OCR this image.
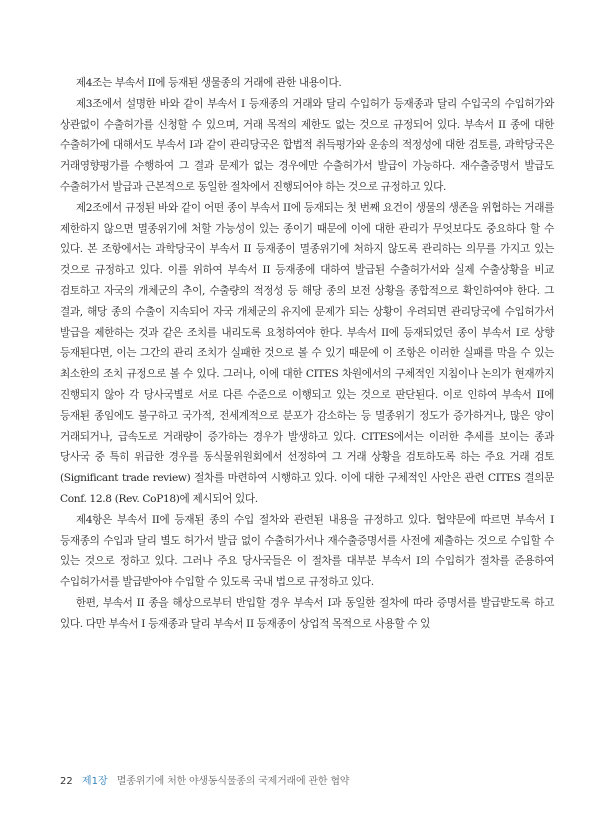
제4조는 부속서 II에 등재된 생물종의 거래에 관한 내용이다.

제3조에서 설명한 바와 같이 부속서 I 등재종의 거래와 달리 수입허가 등재종과 달리 수입국의 수입허가와 상관없이 수출허가를 신청할 수 있으며, 거래 목적의 제한도 없는 것으로 규정되어 있다. 부속서 II 종에 대한 수출허가에 대해서도 부속서 I과 같이 관리당국은 합법적 취득평가와 운송의 적정성에 대한 검토를, 과학당국은 거래영향평가를 수행하여 그 결과 문제가 없는 경우에만 수출허가서 발급이 가능하다. 재수출증명서 발급도 수출허가서 발급과 근본적으로 동일한 절차에서 진행되어야 하는 것으로 규정하고 있다.

제2조에서 규정된 바와 같이 어떤 종이 부속서 II에 등재되는 첫 번째 요건이 생물의 생존을 위협하는 거래를 제한하지 않으면 멸종위기에 처할 가능성이 있는 종이기 때문에 이에 대한 관리가 무엇보다도 중요하다 할 수 있다. 본 조항에서는 과학당국이 부속서 II 등재종이 멸종위기에 처하지 않도록 관리하는 의무를 가지고 있는 것으로 규정하고 있다. 이를 위하여 부속서 II 등재종에 대하여 발급된 수출허가서와 실제 수출상황을 비교 검토하고 자국의 개체군의 추이, 수출량의 적정성 등 해당 종의 보전 상황을 종합적으로 확인하여야 한다. 그 결과, 해당 종의 수출이 지속되어 자국 개체군의 유지에 문제가 되는 상황이 우려되면 관리당국에 수입허가서 발급을 제한하는 것과 같은 조치를 내리도록 요청하여야 한다. 부속서 II에 등재되었던 종이 부속서 I로 상향 등재된다면, 이는 그간의 관리 조치가 실패한 것으로 볼 수 있기 때문에 이 조항은 이러한 실패를 막을 수 있는 최소한의 조치 규정으로 볼 수 있다. 그러나, 이에 대한 CITES 차원에서의 구체적인 지침이나 논의가 현재까지 진행되지 않아 각 당사국별로 서로 다른 수준으로 이행되고 있는 것으로 판단된다. 이로 인하여 부속서 II에 등재된 종임에도 불구하고 국가적, 전세계적으로 분포가 감소하는 등 멸종위기 정도가 증가하거나, 많은 양이 거래되거나, 급속도로 거래량이 증가하는 경우가 발생하고 있다. CITES에서는 이러한 추세를 보이는 종과 당사국 중 특히 위급한 경우를 동식물위원회에서 선정하여 그 거래 상황을 검토하도록 하는 주요 거래 검토(Significant trade review) 절차를 마련하여 시행하고 있다. 이에 대한 구체적인 사안은 관련 CITES 결의문 Conf. 12.8 (Rev. CoP18)에 제시되어 있다.

제4항은 부속서 II에 등재된 종의 수입 절차와 관련된 내용을 규정하고 있다. 협약문에 따르면 부속서 I 등재종의 수입과 달리 별도 허가서 발급 없이 수출허가서나 재수출증명서를 사전에 제출하는 것으로 수입할 수 있는 것으로 정하고 있다. 그러나 주요 당사국들은 이 절차를 대부분 부속서 I의 수입허가 절차를 준용하여 수입허가서를 발급받아야 수입할 수 있도록 국내 법으로 규정하고 있다.

한편, 부속서 II 종을 해상으로부터 반입할 경우 부속서 I과 동일한 절차에 따라 증명서를 발급받도록 하고 있다. 다만 부속서 I 등재종과 달리 부속서 II 등재종이 상업적 목적으로 사용할 수 있

22 제1장 멸종위기에 처한 야생동식물종의 국제거래에 관한 협약
